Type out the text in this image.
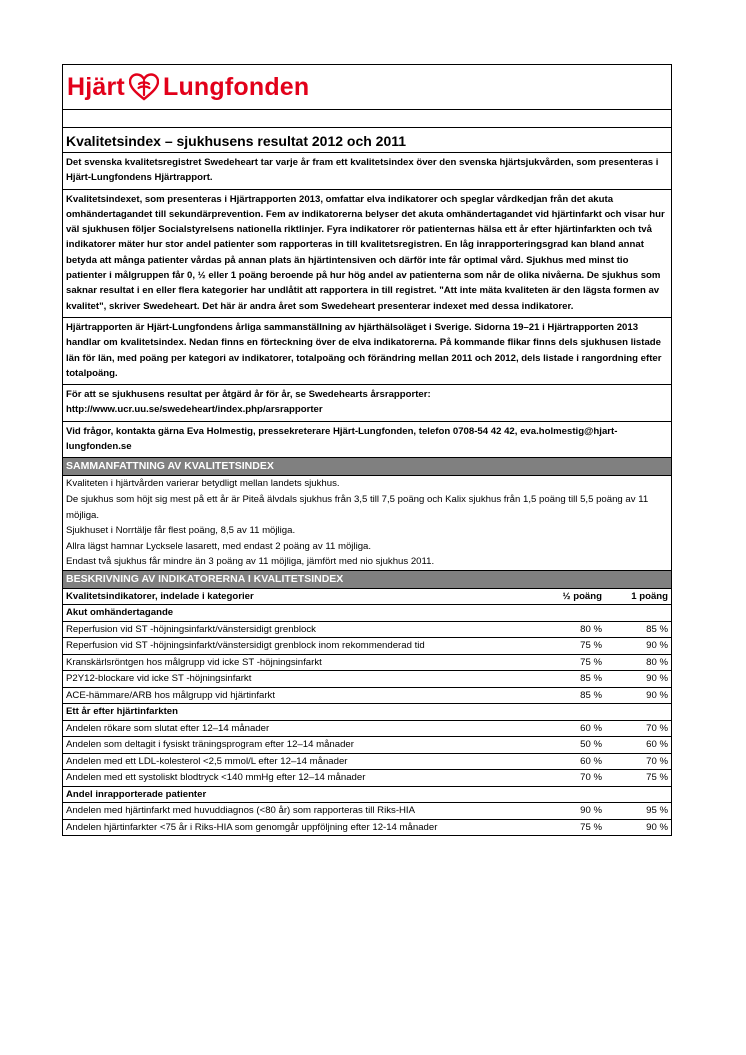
Hjärt Lungfonden
Kvalitetsindex – sjukhusens resultat 2012 och 2011
Det svenska kvalitetsregistret Swedeheart tar varje år fram ett kvalitetsindex över den svenska hjärtsjukvården, som presenteras i Hjärt-Lungfondens Hjärtrapport.
Kvalitetsindexet, som presenteras i Hjärtrapporten 2013, omfattar elva indikatorer och speglar vårdkedjan från det akuta omhändertagandet till sekundärprevention. Fem av indikatorerna belyser det akuta omhändertagandet vid hjärtinfarkt och visar hur väl sjukhusen följer Socialstyrelsens nationella riktlinjer. Fyra indikatorer rör patienternas hälsa ett år efter hjärtinfarkten och två indikatorer mäter hur stor andel patienter som rapporteras in till kvalitetsregistren. En låg inrapporteringsgrad kan bland annat betyda att många patienter vårdas på annan plats än hjärtintensiven och därför inte får optimal vård. Sjukhus med minst tio patienter i målgruppen får 0, ½ eller 1 poäng beroende på hur hög andel av patienterna som når de olika nivåerna. De sjukhus som saknar resultat i en eller flera kategorier har undlåtit att rapportera in till registret. "Att inte mäta kvaliteten är den lägsta formen av kvalitet", skriver Swedeheart. Det här är andra året som Swedeheart presenterar indexet med dessa indikatorer.
Hjärtrapporten är Hjärt-Lungfondens årliga sammanställning av hjärthälsoläget i Sverige. Sidorna 19–21 i Hjärtrapporten 2013 handlar om kvalitetsindex. Nedan finns en förteckning över de elva indikatorerna. På kommande flikar finns dels sjukhusen listade län för län, med poäng per kategori av indikatorer, totalpoäng och förändring mellan 2011 och 2012, dels listade i rangordning efter totalpoäng.
För att se sjukhusens resultat per åtgärd år för år, se Swedehearts årsrapporter:
http://www.ucr.uu.se/swedeheart/index.php/arsrapporter
Vid frågor, kontakta gärna Eva Holmestig, pressekreterare Hjärt-Lungfonden, telefon 0708-54 42 42, eva.holmestig@hjart-lungfonden.se
SAMMANFATTNING AV KVALITETSINDEX
Kvaliteten i hjärtvården varierar betydligt mellan landets sjukhus.
De sjukhus som höjt sig mest på ett år är Piteå älvdals sjukhus från 3,5 till 7,5 poäng och Kalix sjukhus från 1,5 poäng till 5,5 poäng av 11 möjliga.
Sjukhuset i Norrtälje får flest poäng, 8,5 av 11 möjliga.
Allra lägst hamnar Lycksele lasarett, med endast 2 poäng av 11 möjliga.
Endast två sjukhus får mindre än 3 poäng av 11 möjliga, jämfört med nio sjukhus 2011.
BESKRIVNING AV INDIKATORERNA I KVALITETSINDEX
Kvalitetsindikatorer, indelade i kategorier	½ poäng	1 poäng
Akut omhändertagande		
Reperfusion vid ST -höjningsinfarkt/vänstersidigt grenblock	80 %	85 %
Reperfusion vid ST -höjningsinfarkt/vänstersidigt grenblock inom rekommenderad tid	75 %	90 %
Kranskärlsröntgen hos målgrupp vid icke ST -höjningsinfarkt	75 %	80 %
P2Y12-blockare vid icke ST -höjningsinfarkt	85 %	90 %
ACE-hämmare/ARB hos målgrupp vid hjärtinfarkt	85 %	90 %
Ett år efter hjärtinfarkten		
Andelen rökare som slutat efter 12–14 månader	60 %	70 %
Andelen som deltagit i fysiskt träningsprogram efter 12–14 månader	50 %	60 %
Andelen med ett LDL-kolesterol <2,5 mmol/L efter 12–14 månader	60 %	70 %
Andelen med ett systoliskt blodtryck <140 mmHg efter 12–14 månader	70 %	75 %
Andel inrapporterade patienter		
Andelen med hjärtinfarkt med huvuddiagnos (<80 år) som rapporteras till Riks-HIA	90 %	95 %
Andelen hjärtinfarkter <75 år i Riks-HIA som genomgår uppföljning efter 12-14 månader	75 %	90 %
